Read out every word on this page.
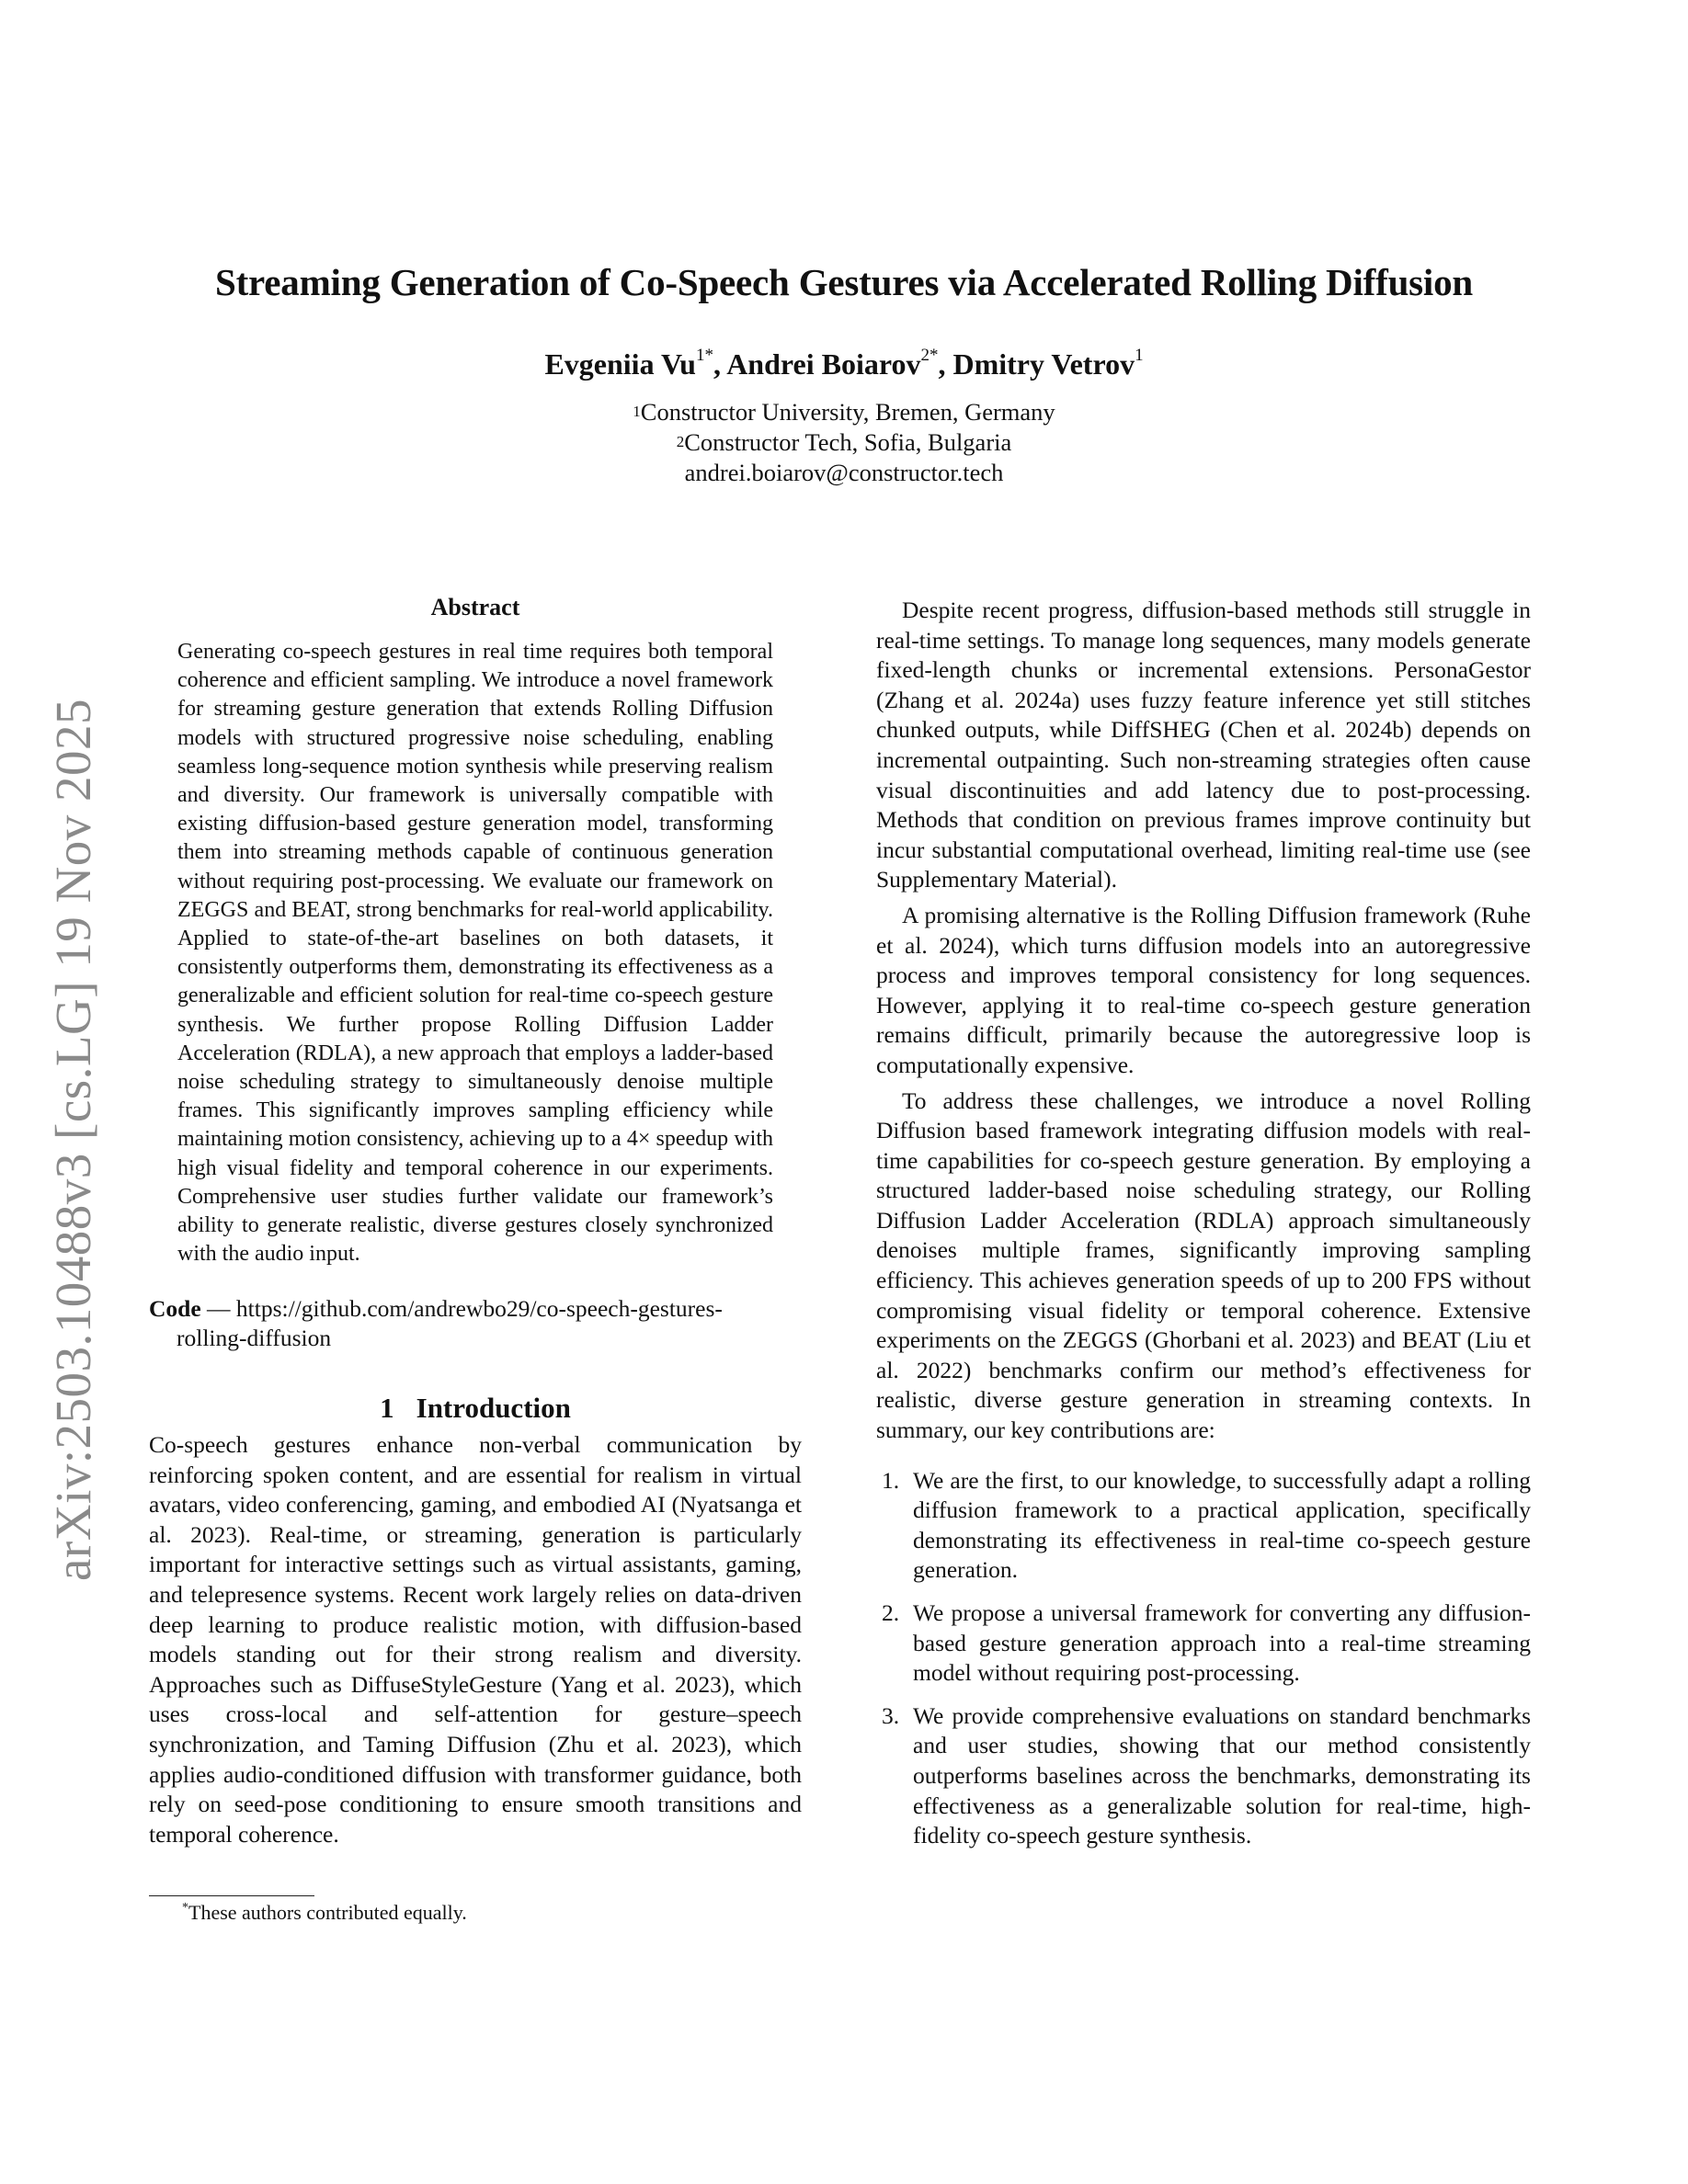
arXiv:2503.10488v3 [cs.LG] 19 Nov 2025
Streaming Generation of Co-Speech Gestures via Accelerated Rolling Diffusion
Evgeniia $Vu^{1*}$, Andrei Boiarov$^{2*}$, Dmitry Vetrov$^1$
$^1$Constructor University, Bremen, Germany
$^2$Constructor Tech, Sofia, Bulgaria
andrei.boiarov@constructor.tech
Abstract
Generating co-speech gestures in real time requires both temporal coherence and efficient sampling. We introduce a novel framework for streaming gesture generation that extends Rolling Diffusion models with structured progressive noise scheduling, enabling seamless long-sequence motion synthesis while preserving realism and diversity. Our framework is universally compatible with existing diffusion-based gesture generation model, transforming them into streaming methods capable of continuous generation without requiring post-processing. We evaluate our framework on ZEGGS and BEAT, strong benchmarks for real-world applicability. Applied to state-of-the-art baselines on both datasets, it consistently outperforms them, demonstrating its effectiveness as a generalizable and efficient solution for real-time co-speech gesture synthesis. We further propose Rolling Diffusion Ladder Acceleration (RDLA), a new approach that employs a ladder-based noise scheduling strategy to simultaneously denoise multiple frames. This significantly improves sampling efficiency while maintaining motion consistency, achieving up to a 4× speedup with high visual fidelity and temporal coherence in our experiments. Comprehensive user studies further validate our framework’s ability to generate realistic, diverse gestures closely synchronized with the audio input.
Code — https://github.com/andrewbo29/co-speech-gestures-rolling-diffusion
1 Introduction

Co-speech gestures enhance non-verbal communication by reinforcing spoken content, and are essential for realism in virtual avatars, video conferencing, gaming, and embodied AI (Nyatsanga et al. 2023). Real-time, or streaming, generation is particularly important for interactive settings such as virtual assistants, gaming, and telepresence systems. Recent work largely relies on data-driven deep learning to produce realistic motion, with diffusion-based models standing out for their strong realism and diversity. Approaches such as DiffuseStyleGesture (Yang et al. 2023), which uses cross-local and self-attention for gesture–speech synchronization, and Taming Diffusion (Zhu et al. 2023), which applies audio-conditioned diffusion with transformer guidance, both rely on seed-pose conditioning to ensure smooth transitions and temporal coherence.

*These authors contributed equally.

Despite recent progress, diffusion-based methods still struggle in real-time settings. To manage long sequences, many models generate fixed-length chunks or incremental extensions. PersonaGestor (Zhang et al. 2024a) uses fuzzy feature inference yet still stitches chunked outputs, while DiffSHEG (Chen et al. 2024b) depends on incremental outpainting. Such non-streaming strategies often cause visual discontinuities and add latency due to post-processing. Methods that condition on previous frames improve continuity but incur substantial computational overhead, limiting real-time use (see Supplementary Material).

A promising alternative is the Rolling Diffusion framework (Ruhe et al. 2024), which turns diffusion models into an autoregressive process and improves temporal consistency for long sequences. However, applying it to real-time co-speech gesture generation remains difficult, primarily because the autoregressive loop is computationally expensive.

To address these challenges, we introduce a novel Rolling Diffusion based framework integrating diffusion models with real-time capabilities for co-speech gesture generation. By employing a structured ladder-based noise scheduling strategy, our Rolling Diffusion Ladder Acceleration (RDLA) approach simultaneously denoises multiple frames, significantly improving sampling efficiency. This achieves generation speeds of up to 200 FPS without compromising visual fidelity or temporal coherence. Extensive experiments on the ZEGGS (Ghorbani et al. 2023) and BEAT (Liu et al. 2022) benchmarks confirm our method’s effectiveness for realistic, diverse gesture generation in streaming contexts. In summary, our key contributions are:

1. We are the first, to our knowledge, to successfully adapt a rolling diffusion framework to a practical application, specifically demonstrating its effectiveness in real-time co-speech gesture generation.
2. We propose a universal framework for converting any diffusion-based gesture generation approach into a real-time streaming model without requiring post-processing.
3. We provide comprehensive evaluations on standard benchmarks and user studies, showing that our method consistently outperforms baselines across the benchmarks, demonstrating its effectiveness as a generalizable solution for real-time, high-fidelity co-speech gesture synthesis.
